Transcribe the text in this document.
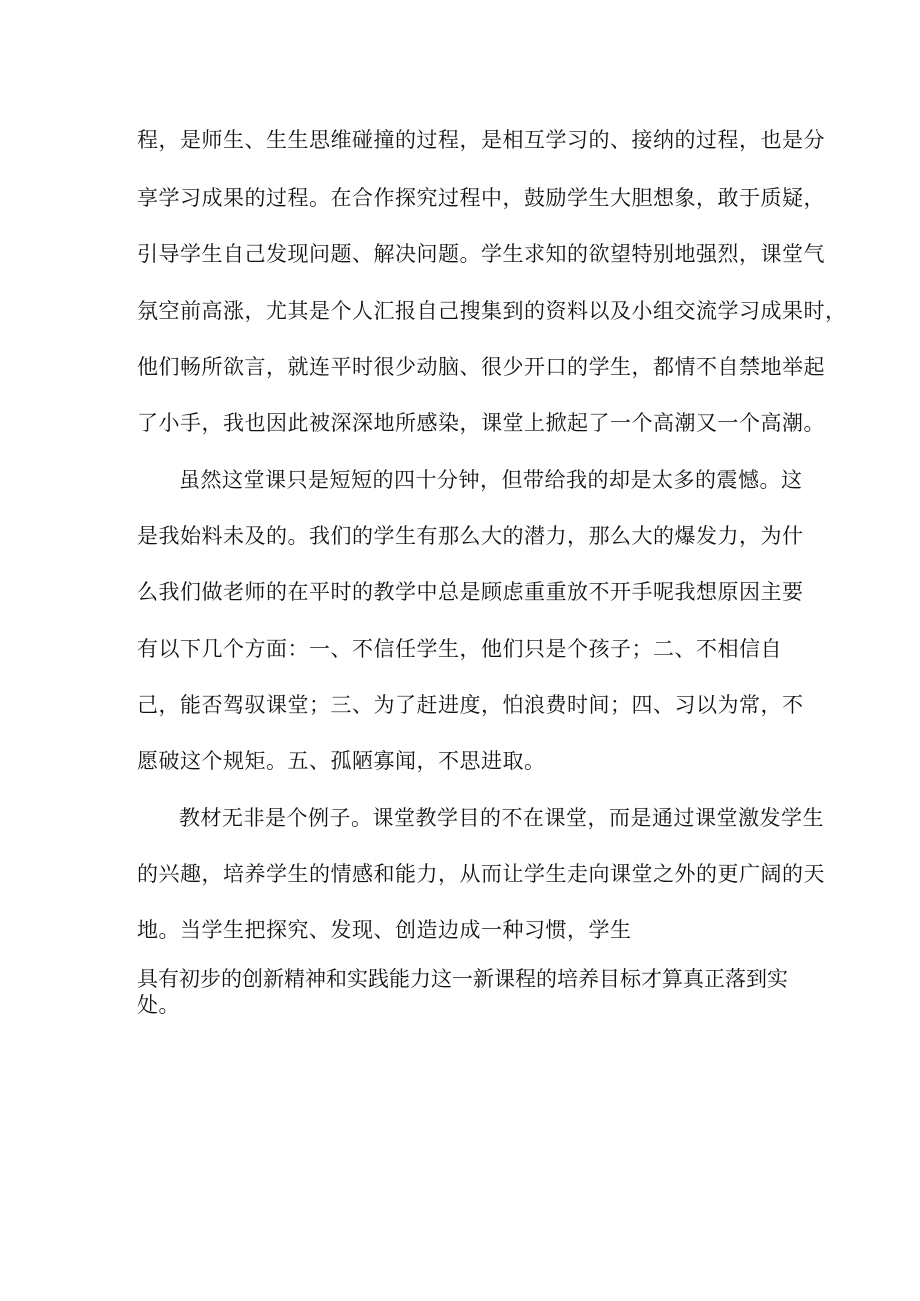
程，是师生、生生思维碰撞的过程，是相互学习的、接纳的过程，也是分
享学习成果的过程。在合作探究过程中，鼓励学生大胆想象，敢于质疑，
引导学生自己发现问题、解决问题。学生求知的欲望特别地强烈，课堂气
氛空前高涨，尤其是个人汇报自己搜集到的资料以及小组交流学习成果时，
他们畅所欲言，就连平时很少动脑、很少开口的学生，都情不自禁地举起
了小手，我也因此被深深地所感染，课堂上掀起了一个高潮又一个高潮。
虽然这堂课只是短短的四十分钟，但带给我的却是太多的震憾。这
是我始料未及的。我们的学生有那么大的潜力，那么大的爆发力，为什
么我们做老师的在平时的教学中总是顾虑重重放不开手呢我想原因主要
有以下几个方面：一、不信任学生，他们只是个孩子；二、不相信自
己，能否驾驭课堂；三、为了赶进度，怕浪费时间；四、习以为常，不
愿破这个规矩。五、孤陋寡闻，不思进取。
教材无非是个例子。课堂教学目的不在课堂，而是通过课堂激发学生
的兴趣，培养学生的情感和能力，从而让学生走向课堂之外的更广阔的天
地。当学生把探究、发现、创造边成一种习惯，学生
具有初步的创新精神和实践能力这一新课程的培养目标才算真正落到实
处。
